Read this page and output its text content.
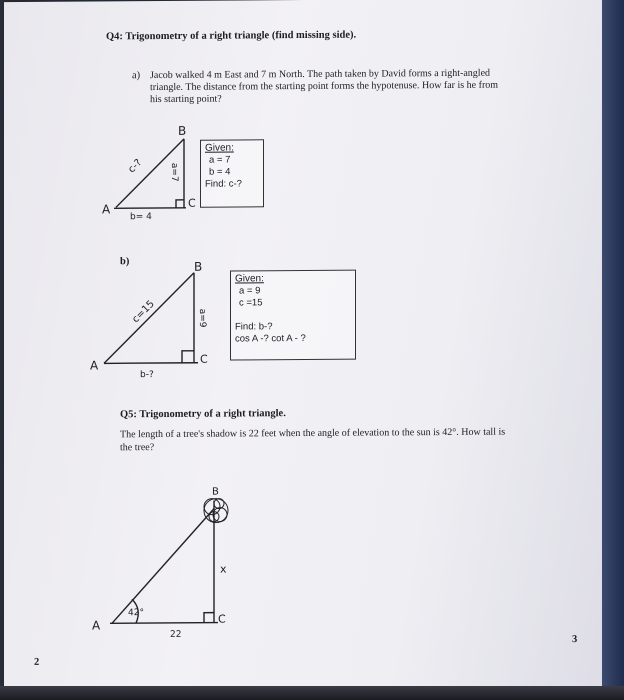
Q4: Trigonometry of a right triangle (find missing side).
a) Jacob walked 4 m East and 7 m North. The path taken by David forms a right-angled
triangle. The distance from the starting point forms the hypotenuse. How far is he from
his starting point?
Given:
a = 7
b = 4
Find: c-?
b)
Given:
a = 9
c =15
Find: b-?
cos A -? cot A - ?
Q5: Trigonometry of a right triangle.
The length of a tree's shadow is 22 feet when the angle of elevation to the sun is 42°. How tall is
the tree?
2
3
A
B
C
c-?	a=7
b= 4
A
B
C
c=15	a=9
b-?
B
A	C
x
42°
22
